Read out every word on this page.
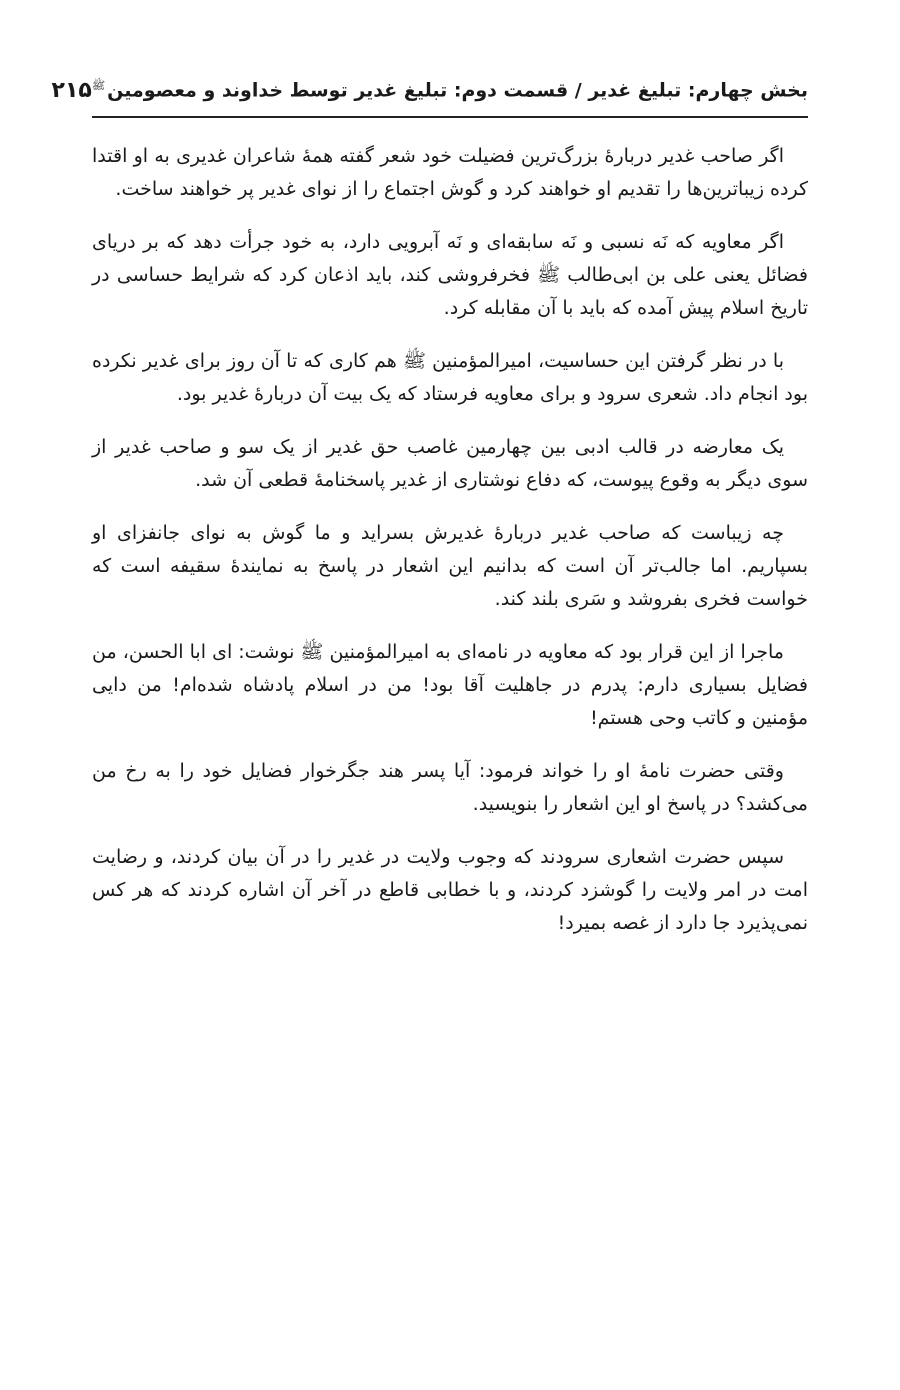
بخش چهارم: تبلیغ غدیر / قسمت دوم: تبلیغ غدیر توسط خداوند و معصومین$^ﷺ$
۲۱۵

اگر صاحب غدیر دربارهٔ بزرگ‌ترین فضیلت خود شعر گفته همهٔ شاعران غدیری به او اقتدا کرده زیباترین‌ها را تقدیم او خواهند کرد و گوش اجتماع را از نوای غدیر پر خواهند ساخت.

اگر معاویه که نَه نسبی و نَه سابقه‌ای و نَه آبرویی دارد، به خود جرأت دهد که بر دریای فضائل یعنی علی بن ابی‌طالب ﷺ فخرفروشی کند، باید اذعان کرد که شرایط حساسی در تاریخ اسلام پیش آمده که باید با آن مقابله کرد.

با در نظر گرفتن این حساسیت، امیرالمؤمنین ﷺ هم کاری که تا آن روز برای غدیر نکرده بود انجام داد. شعری سرود و برای معاویه فرستاد که یک بیت آن دربارهٔ غدیر بود.

یک معارضه در قالب ادبی بین چهارمین غاصب حق غدیر از یک سو و صاحب غدیر از سوی دیگر به وقوع پیوست، که دفاع نوشتاری از غدیر پاسخنامهٔ قطعی آن شد.

چه زیباست که صاحب غدیر دربارهٔ غدیرش بسراید و ما گوش به نوای جانفزای او بسپاریم. اما جالب‌تر آن است که بدانیم این اشعار در پاسخ به نمایندهٔ سقیفه است که خواست فخری بفروشد و سَری بلند کند.

ماجرا از این قرار بود که معاویه در نامه‌ای به امیرالمؤمنین ﷺ نوشت: ای ابا الحسن، من فضایل بسیاری دارم: پدرم در جاهلیت آقا بود! من در اسلام پادشاه شده‌ام! من دایی مؤمنین و کاتب وحی هستم!

وقتی حضرت نامهٔ او را خواند فرمود: آیا پسر هند جگرخوار فضایل خود را به رخ من می‌کشد؟ در پاسخ او این اشعار را بنویسید.

سپس حضرت اشعاری سرودند که وجوب ولایت در غدیر را در آن بیان کردند، و رضایت امت در امر ولایت را گوشزد کردند، و با خطابی قاطع در آخر آن اشاره کردند که هر کس نمی‌پذیرد جا دارد از غصه بمیرد!
